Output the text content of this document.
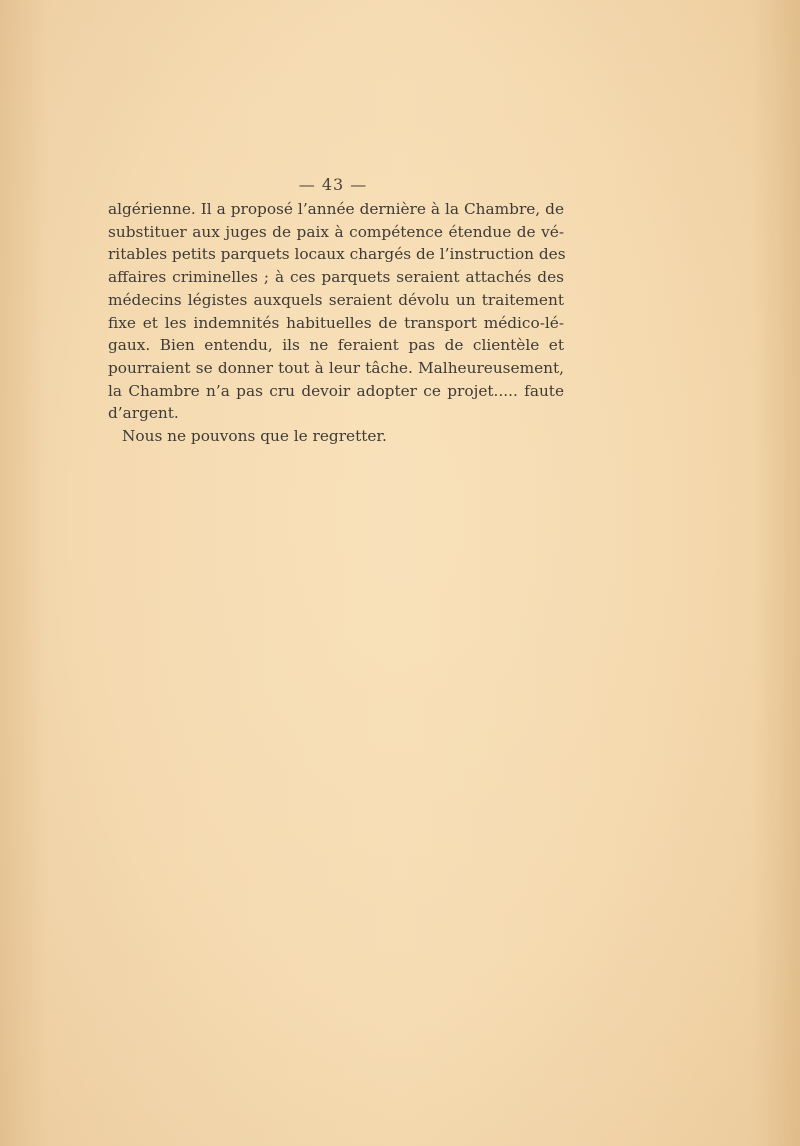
— 43 —
algérienne. Il a proposé l’année dernière à la Chambre, de
substituer aux juges de paix à compétence étendue de vé-
ritables petits parquets locaux chargés de l’instruction des
affaires criminelles ; à ces parquets seraient attachés des
médecins légistes auxquels seraient dévolu un traitement
fixe et les indemnités habituelles de transport médico-lé-
gaux. Bien entendu, ils ne feraient pas de clientèle et
pourraient se donner tout à leur tâche. Malheureusement,
la Chambre n’a pas cru devoir adopter ce projet..... faute
d’argent.
Nous ne pouvons que le regretter.
